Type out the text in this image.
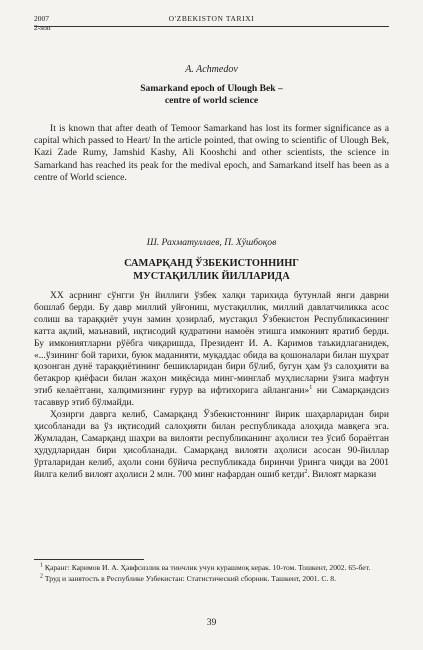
2007
2-son
O'ZBEKISTON TARIXI
A. Achmedov
Samarkand epoch of Ulough Bek –
centre of world science
It is known that after death of Temoor Samarkand has lost its former significance as a capital which passed to Heart/ In the article pointed, that owing to scientific of Ulough Bek, Kazi Zade Rumy, Jamshid Kashy, Ali Kooshchi and other scientists, the science in Samarkand has reached its peak for the medival epoch, and Samarkand itself has been as a centre of World science.
Ш. Рахматуллаев, П. Хўшбоқов
САМАРҚАНД ЎЗБЕКИСТОННИНГ
МУСТАҚИЛЛИК ЙИЛЛАРИДА

XX асрнинг сўнгги ўн йиллиги ўзбек халқи тарихида бутунлай янги даврни бошлаб берди. Бу давр миллий уйғониш, мустақиллик, миллий давлатчиликка асос солиш ва тараққиёт учун замин ҳозирлаб, мустақил Ўзбекистон Республикасининг катта ақлий, маънавий, иқтисодий қудратини намоён этишга имконият яратиб берди. Бу имкониятларни рўёбга чиқаришда, Президент И. А. Каримов таъкидлаганидек, «...ўзининг бой тарихи, буюк маданияти, муқаддас обида ва қошоналари билан шуҳрат қозонган дунё тараққиётининг бешикларидан бири бўлиб, бугун ҳам ўз салоҳияти ва бетакрор қиёфаси билан жаҳон миқёсида минг-минглаб муҳлисларни ўзига мафтун этиб келаётгани, халқимизнинг ғурур ва ифтихорига айлангани»$^1$ ни Самарқандсиз тасаввур этиб бўлмайди.

Ҳозирги даврга келиб, Самарқанд Ўзбекистоннинг йирик шаҳарларидан бири ҳисобланади ва ўз иқтисодий салоҳияти билан республикада алоҳида мавқега эга. Жумладан, Самарқанд шаҳри ва вилояти республиканинг аҳолиси тез ўсиб бораётган ҳудудларидан бири ҳисобланади. Самарқанд вилояти аҳолиси асосан 90-йиллар ўрталаридан келиб, аҳоли сони бўйича республикада биринчи ўринга чиқди ва 2001 йилга келиб вилоят аҳолиси 2 млн. 700 минг нафардан ошиб кетди$^2$. Вилоят маркази

$^1$ Қаранг: Каримов И. А. Ҳавфсизлик ва тинчлик учун курашмоқ керак. 10-том. Тошкент, 2002. 65-бет.

$^2$ Труд и занятость в Республике Узбекистан: Статистический сборник. Ташкент, 2001. С. 8.

39
